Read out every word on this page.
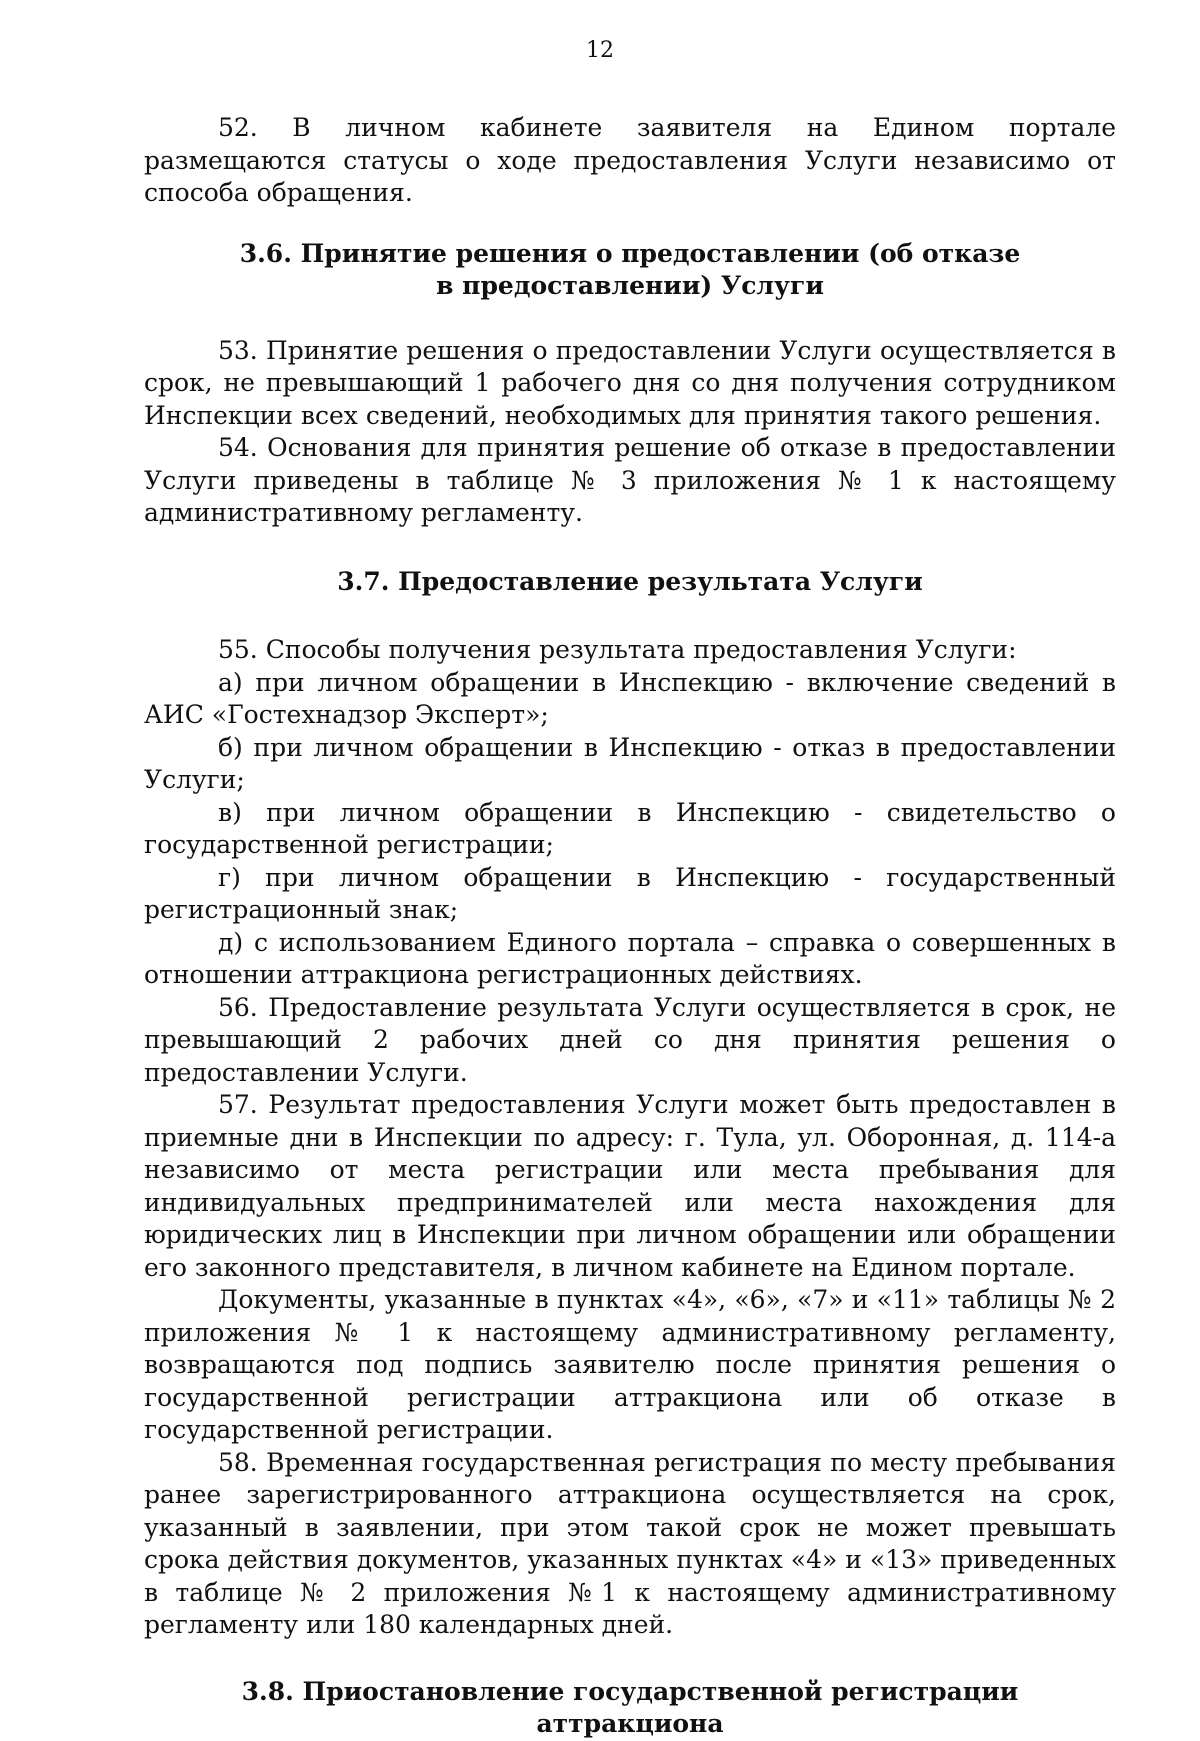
12

52. В личном кабинете заявителя на Едином портале размещаются статусы о ходе предоставления Услуги независимо от способа обращения.

3.6. Принятие решения о предоставлении (об отказе в предоставлении) Услуги

53. Принятие решения о предоставлении Услуги осуществляется в срок, не превышающий 1 рабочего дня со дня получения сотрудником Инспекции всех сведений, необходимых для принятия такого решения.

54. Основания для принятия решение об отказе в предоставлении Услуги приведены в таблице № 3 приложения № 1 к настоящему административному регламенту.

3.7. Предоставление результата Услуги

55. Способы получения результата предоставления Услуги:

а) при личном обращении в Инспекцию - включение сведений в АИС «Гостехнадзор Эксперт»;

б) при личном обращении в Инспекцию - отказ в предоставлении Услуги;

в) при личном обращении в Инспекцию - свидетельство о государственной регистрации;

г) при личном обращении в Инспекцию - государственный регистрационный знак;

д) с использованием Единого портала – справка о совершенных в отношении аттракциона регистрационных действиях.

56. Предоставление результата Услуги осуществляется в срок, не превышающий 2 рабочих дней со дня принятия решения о предоставлении Услуги.

57. Результат предоставления Услуги может быть предоставлен в приемные дни в Инспекции по адресу: г. Тула, ул. Оборонная, д. 114-а независимо от места регистрации или места пребывания для индивидуальных предпринимателей или места нахождения для юридических лиц в Инспекции при личном обращении или обращении его законного представителя, в личном кабинете на Едином портале.

Документы, указанные в пунктах «4», «6», «7» и «11» таблицы № 2 приложения № 1 к настоящему административному регламенту, возвращаются под подпись заявителю после принятия решения о государственной регистрации аттракциона или об отказе в государственной регистрации.

58. Временная государственная регистрация по месту пребывания ранее зарегистрированного аттракциона осуществляется на срок, указанный в заявлении, при этом такой срок не может превышать срока действия документов, указанных пунктах «4» и «13» приведенных в таблице № 2 приложения №1 к настоящему административному регламенту или 180 календарных дней.

3.8. Приостановление государственной регистрации аттракциона
